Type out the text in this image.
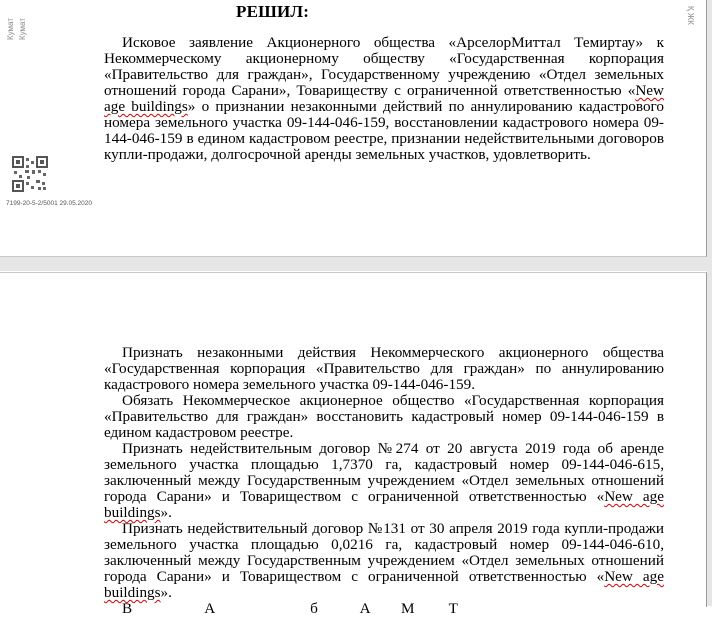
Кумат Кумат
Қ ЖК
РЕШИЛ:

Исковое заявление Акционерного общества «АрселорМиттал Темиртау» к Некоммерческому акционерному обществу «Государственная корпорация «Правительство для граждан», Государственному учреждению «Отдел земельных отношений города Сарани», Товариществу с ограниченной ответственностью «New age buildings» о признании незаконными действий по аннулированию кадастрового номера земельного участка 09-144-046-159, восстановлении кадастрового номера 09-144-046-159 в едином кадастровом реестре, признании недействительными договоров купли-продажи, долгосрочной аренды земельных участков, удовлетворить.

7199-20-5-2/5001 29.05.2020

Признать незаконными действия Некоммерческого акционерного общества «Государственная корпорация «Правительство для граждан» по аннулированию кадастрового номера земельного участка 09-144-046-159.

Обязать Некоммерческое акционерное общество «Государственная корпорация «Правительство для граждан» восстановить кадастровый номер 09-144-046-159 в едином кадастровом реестре.

Признать недействительным договор №274 от 20 августа 2019 года об аренде земельного участка площадью 1,7370 га, кадастровый номер 09-144-046-615, заключенный между Государственным учреждением «Отдел земельных отношений города Сарани» и Товариществом с ограниченной ответственностью «New age buildings».

Признать недействительный договор №131 от 30 апреля 2019 года купли-продажи земельного участка площадью 0,0216 га, кадастровый номер 09-144-046-610, заключенный между Государственным учреждением «Отдел земельных отношений города Сарани» и Товариществом с ограниченной ответственностью «New age buildings».

В                   А                         б           А        М         Т
